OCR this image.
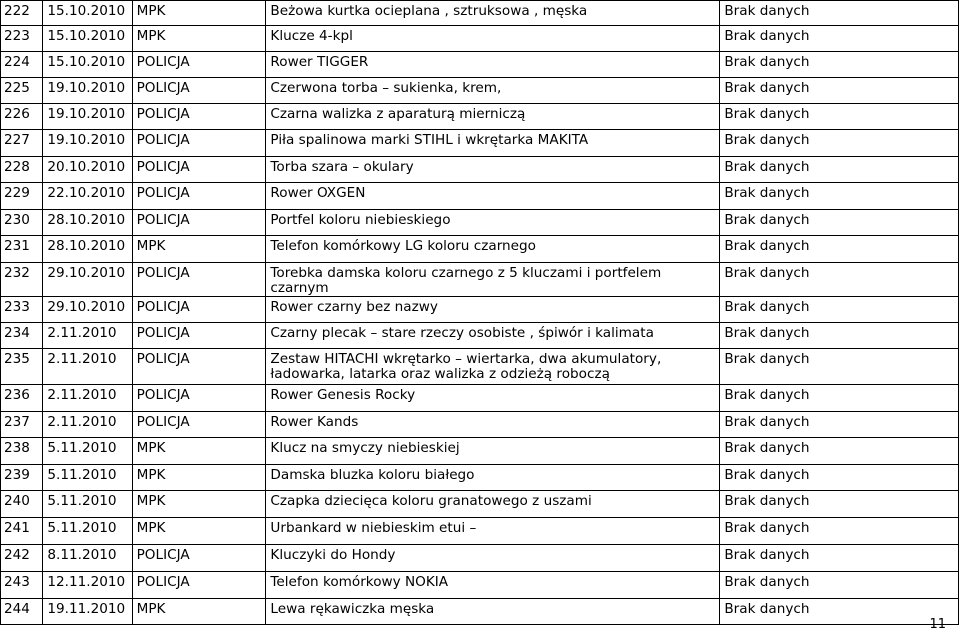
222	15.10.2010	MPK	Beżowa kurtka ocieplana , sztruksowa , męska	Brak danych
223	15.10.2010	MPK	Klucze 4-kpl	Brak danych
224	15.10.2010	POLICJA	Rower TIGGER	Brak danych
225	19.10.2010	POLICJA	Czerwona torba – sukienka, krem,	Brak danych
226	19.10.2010	POLICJA	Czarna walizka z aparaturą mierniczą	Brak danych
227	19.10.2010	POLICJA	Piła spalinowa marki STIHL i wkrętarka MAKITA	Brak danych
228	20.10.2010	POLICJA	Torba szara – okulary	Brak danych
229	22.10.2010	POLICJA	Rower OXGEN	Brak danych
230	28.10.2010	POLICJA	Portfel koloru niebieskiego	Brak danych
231	28.10.2010	MPK	Telefon komórkowy LG koloru czarnego	Brak danych
232	29.10.2010	POLICJA	Torebka damska koloru czarnego z 5 kluczami i portfelem czarnym	Brak danych
233	29.10.2010	POLICJA	Rower czarny bez nazwy	Brak danych
234	2.11.2010	POLICJA	Czarny plecak – stare rzeczy osobiste , śpiwór i kalimata	Brak danych
235	2.11.2010	POLICJA	Zestaw HITACHI wkrętarko – wiertarka, dwa akumulatory, ładowarka, latarka oraz walizka z odzieżą roboczą	Brak danych
236	2.11.2010	POLICJA	Rower Genesis Rocky	Brak danych
237	2.11.2010	POLICJA	Rower Kands	Brak danych
238	5.11.2010	MPK	Klucz na smyczy niebieskiej	Brak danych
239	5.11.2010	MPK	Damska bluzka koloru białego	Brak danych
240	5.11.2010	MPK	Czapka dziecięca koloru granatowego z uszami	Brak danych
241	5.11.2010	MPK	Urbankard w niebieskim etui –	Brak danych
242	8.11.2010	POLICJA	Kluczyki do Hondy	Brak danych
243	12.11.2010	POLICJA	Telefon komórkowy NOKIA	Brak danych
244	19.11.2010	MPK	Lewa rękawiczka męska	Brak danych
11
